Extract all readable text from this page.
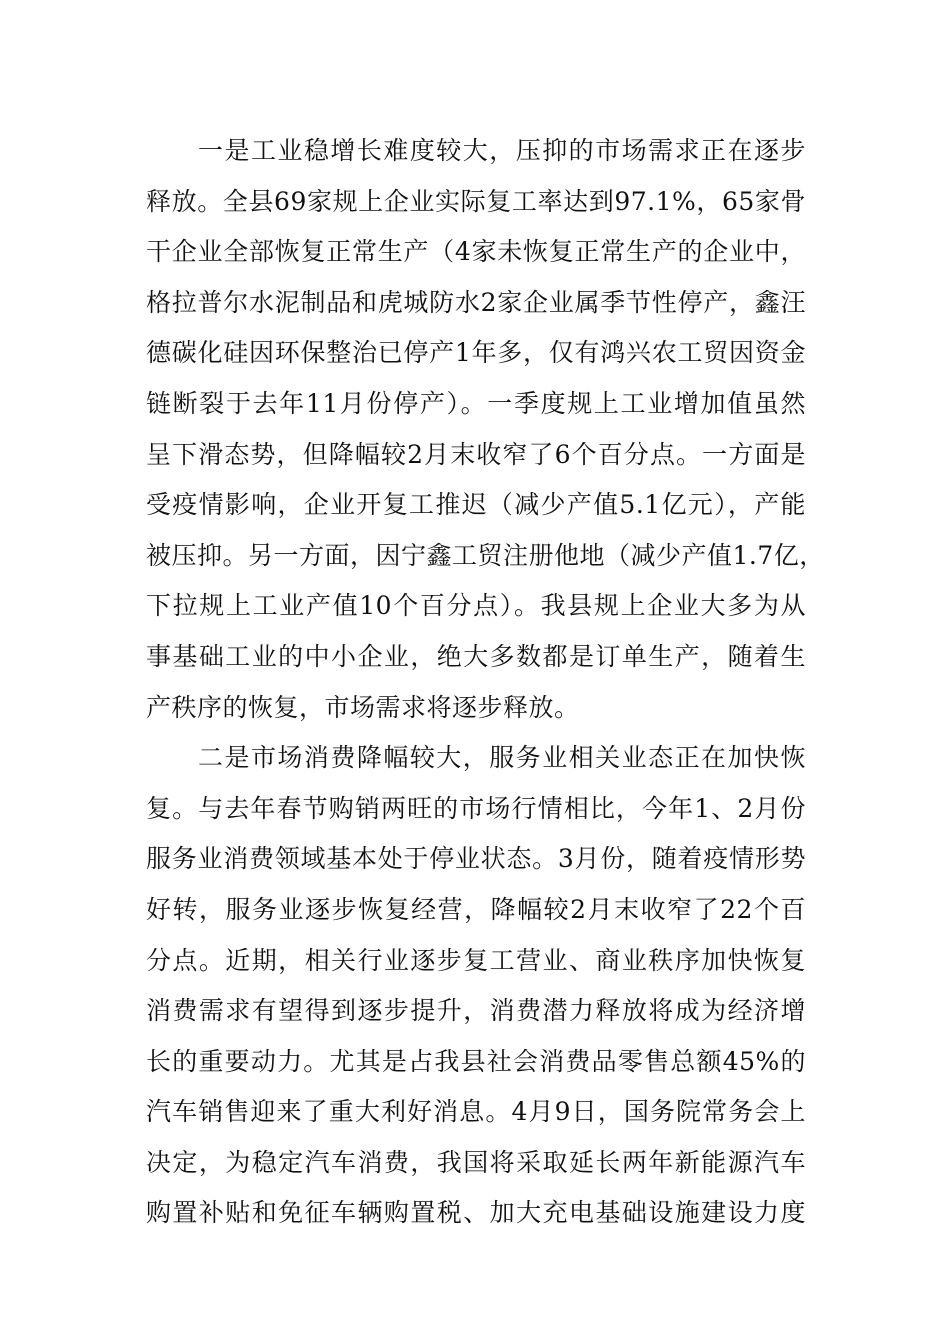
一是工业稳增长难度较大，压抑的市场需求正在逐步
释放。全县69家规上企业实际复工率达到97.1%，65家骨
干企业全部恢复正常生产（4家未恢复正常生产的企业中，
格拉普尔水泥制品和虎城防水2家企业属季节性停产，鑫汪
德碳化硅因环保整治已停产1年多，仅有鸿兴农工贸因资金
链断裂于去年11月份停产）。一季度规上工业增加值虽然
呈下滑态势，但降幅较2月末收窄了6个百分点。一方面是
受疫情影响，企业开复工推迟（减少产值5.1亿元），产能
被压抑。另一方面，因宁鑫工贸注册他地（减少产值1.7亿，
下拉规上工业产值10个百分点）。我县规上企业大多为从
事基础工业的中小企业，绝大多数都是订单生产，随着生
产秩序的恢复，市场需求将逐步释放。
二是市场消费降幅较大，服务业相关业态正在加快恢
复。与去年春节购销两旺的市场行情相比，今年1、2月份
服务业消费领域基本处于停业状态。3月份，随着疫情形势
好转，服务业逐步恢复经营，降幅较2月末收窄了22个百
分点。近期，相关行业逐步复工营业、商业秩序加快恢复
消费需求有望得到逐步提升，消费潜力释放将成为经济增
长的重要动力。尤其是占我县社会消费品零售总额45%的
汽车销售迎来了重大利好消息。4月9日，国务院常务会上
决定，为稳定汽车消费，我国将采取延长两年新能源汽车
购置补贴和免征车辆购置税、加大充电基础设施建设力度
